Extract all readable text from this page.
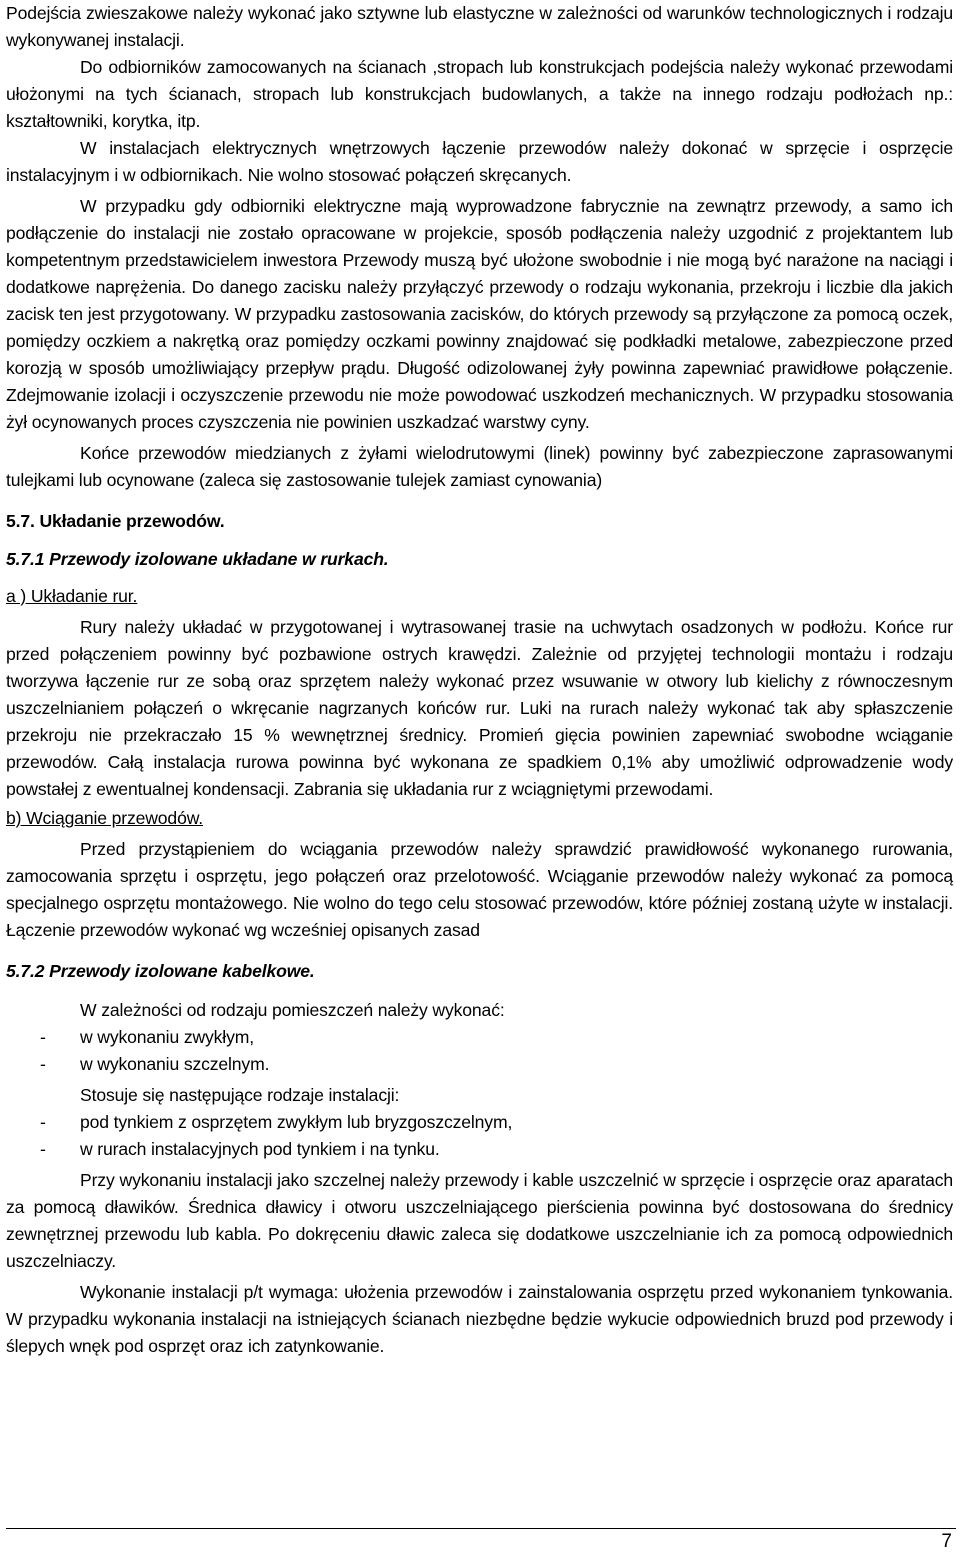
Podejścia zwieszakowe należy wykonać jako sztywne lub elastyczne w zależności od warunków technologicznych i rodzaju wykonywanej instalacji.

Do odbiorników zamocowanych na ścianach ,stropach lub konstrukcjach podejścia należy wykonać przewodami ułożonymi na tych ścianach, stropach lub konstrukcjach budowlanych, a także na innego rodzaju podłożach np.: kształtowniki, korytka, itp.

W instalacjach elektrycznych wnętrzowych łączenie przewodów należy dokonać w sprzęcie i osprzęcie instalacyjnym i w odbiornikach. Nie wolno stosować połączeń skręcanych.

W przypadku gdy odbiorniki elektryczne mają wyprowadzone fabrycznie na zewnątrz przewody, a samo ich podłączenie do instalacji nie zostało opracowane w projekcie, sposób podłączenia należy uzgodnić z projektantem lub kompetentnym przedstawicielem inwestora Przewody muszą być ułożone swobodnie i nie mogą być narażone na naciągi i dodatkowe naprężenia. Do danego zacisku należy przyłączyć przewody o rodzaju wykonania, przekroju i liczbie dla jakich zacisk ten jest przygotowany. W przypadku zastosowania zacisków, do których przewody są przyłączone za pomocą oczek, pomiędzy oczkiem a nakrętką oraz pomiędzy oczkami powinny znajdować się podkładki metalowe, zabezpieczone przed korozją w sposób umożliwiający przepływ prądu. Długość odizolowanej żyły powinna zapewniać prawidłowe połączenie. Zdejmowanie izolacji i oczyszczenie przewodu nie może powodować uszkodzeń mechanicznych. W przypadku stosowania żył ocynowanych proces czyszczenia nie powinien uszkadzać warstwy cyny.

Końce przewodów miedzianych z żyłami wielodrutowymi (linek) powinny być zabezpieczone zaprasowanymi tulejkami lub ocynowane (zaleca się zastosowanie tulejek zamiast cynowania)

5.7. Układanie przewodów.

5.7.1 Przewody izolowane układane w rurkach.

a ) Układanie rur.

Rury należy układać w przygotowanej i wytrasowanej trasie na uchwytach osadzonych w podłożu. Końce rur przed połączeniem powinny być pozbawione ostrych krawędzi. Zależnie od przyjętej technologii montażu i rodzaju tworzywa łączenie rur ze sobą oraz sprzętem należy wykonać przez wsuwanie w otwory lub kielichy z równoczesnym uszczelnianiem połączeń o wkręcanie nagrzanych końców rur. Luki na rurach należy wykonać tak aby spłaszczenie przekroju nie przekraczało 15 % wewnętrznej średnicy. Promień gięcia powinien zapewniać swobodne wciąganie przewodów. Całą instalacja rurowa powinna być wykonana ze spadkiem 0,1% aby umożliwić odprowadzenie wody powstałej z ewentualnej kondensacji. Zabrania się układania rur z wciągniętymi przewodami.

b) Wciąganie przewodów.

Przed przystąpieniem do wciągania przewodów należy sprawdzić prawidłowość wykonanego rurowania, zamocowania sprzętu i osprzętu, jego połączeń oraz przelotowość. Wciąganie przewodów należy wykonać za pomocą specjalnego osprzętu montażowego. Nie wolno do tego celu stosować przewodów, które później zostaną użyte w instalacji. Łączenie przewodów wykonać wg wcześniej opisanych zasad

5.7.2 Przewody izolowane kabelkowe.

W zależności od rodzaju pomieszczeń należy wykonać:

- w wykonaniu zwykłym,
- w wykonaniu szczelnym.

Stosuje się następujące rodzaje instalacji:

- pod tynkiem z osprzętem zwykłym lub bryzgoszczelnym,
- w rurach instalacyjnych pod tynkiem i na tynku.

Przy wykonaniu instalacji jako szczelnej należy przewody i kable uszczelnić w sprzęcie i osprzęcie oraz aparatach za pomocą dławików. Średnica dławicy i otworu uszczelniającego pierścienia powinna być dostosowana do średnicy zewnętrznej przewodu lub kabla. Po dokręceniu dławic zaleca się dodatkowe uszczelnianie ich za pomocą odpowiednich uszczelniaczy.

Wykonanie instalacji p/t wymaga: ułożenia przewodów i zainstalowania osprzętu przed wykonaniem tynkowania. W przypadku wykonania instalacji na istniejących ścianach niezbędne będzie wykucie odpowiednich bruzd pod przewody i ślepych wnęk pod osprzęt oraz ich zatynkowanie.

7
